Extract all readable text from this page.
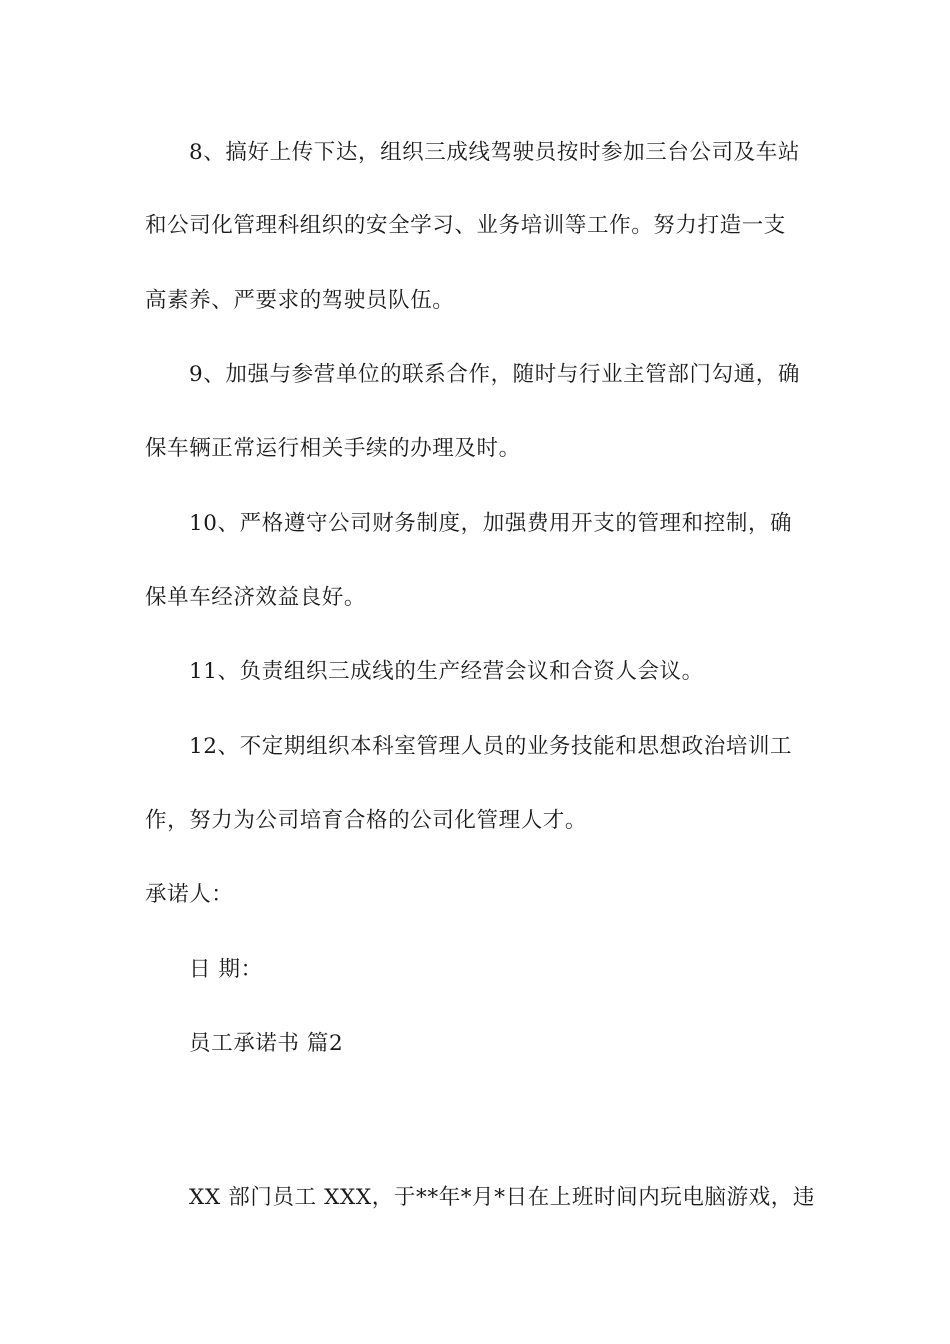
8、搞好上传下达，组织三成线驾驶员按时参加三台公司及车站
和公司化管理科组织的安全学习、业务培训等工作。努力打造一支
高素养、严要求的驾驶员队伍。
9、加强与参营单位的联系合作，随时与行业主管部门勾通，确
保车辆正常运行相关手续的办理及时。
10、严格遵守公司财务制度，加强费用开支的管理和控制，确
保单车经济效益良好。
11、负责组织三成线的生产经营会议和合资人会议。
12、不定期组织本科室管理人员的业务技能和思想政治培训工
作，努力为公司培育合格的公司化管理人才。
承诺人：
日 期：
员工承诺书 篇2
XX 部门员工 XXX，于**年*月*日在上班时间内玩电脑游戏，违
